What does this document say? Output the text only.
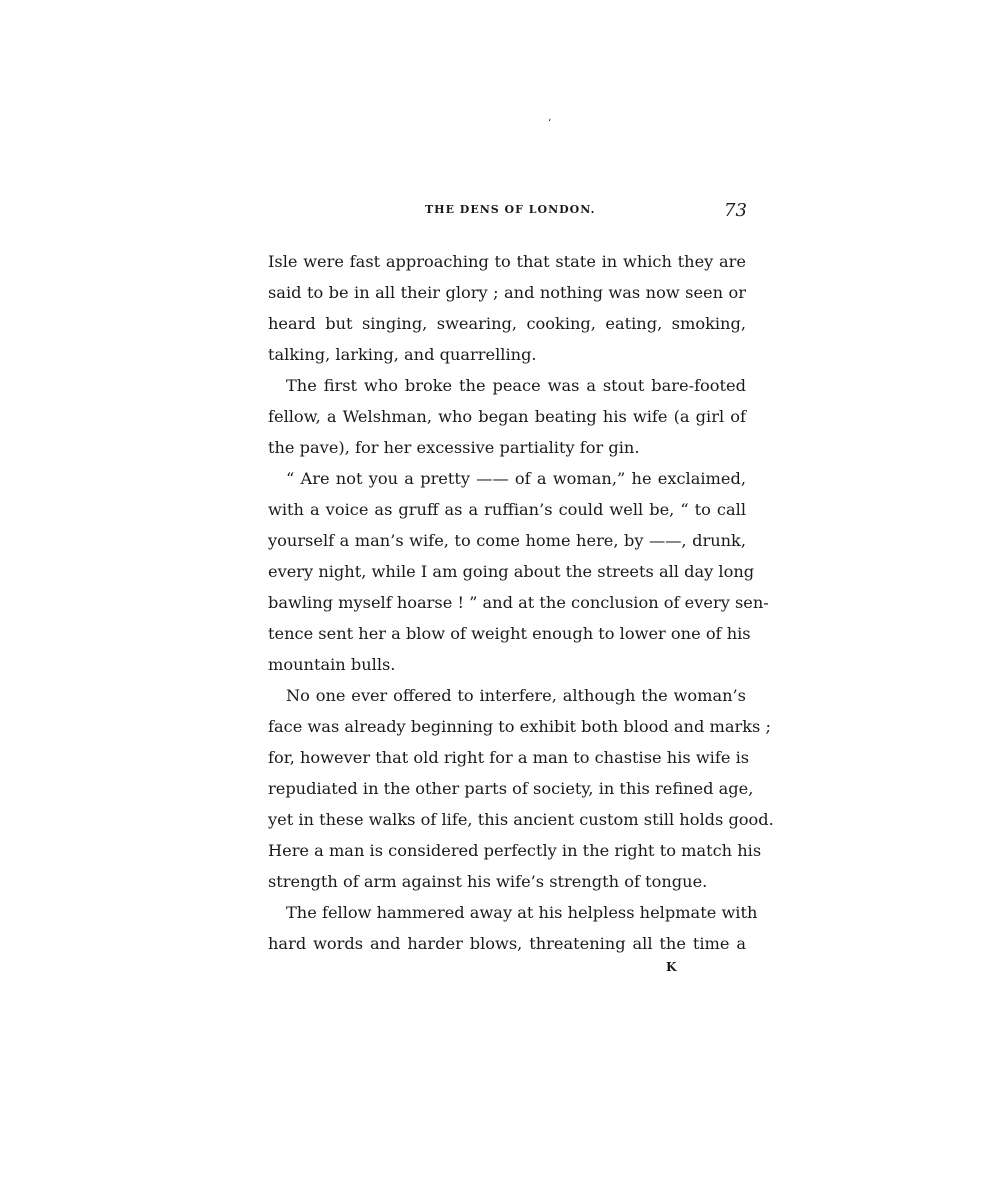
‘
THE DENS OF LONDON.	73
Isle were fast approaching to that state in which they are
said to be in all their glory ; and nothing was now seen or
heard but singing, swearing, cooking, eating, smoking,
talking, larking, and quarrelling.
The first who broke the peace was a stout bare-footed
fellow, a Welshman, who began beating his wife (a girl of
the pave), for her excessive partiality for gin.
“ Are not you a pretty —— of a woman,” he exclaimed,
with a voice as gruff as a ruffian’s could well be, “ to call
yourself a man’s wife, to come home here, by ——, drunk,
every night, while I am going about the streets all day long
bawling myself hoarse ! ” and at the conclusion of every sen-
tence sent her a blow of weight enough to lower one of his
mountain bulls.
No one ever offered to interfere, although the woman’s
face was already beginning to exhibit both blood and marks ;
for, however that old right for a man to chastise his wife is
repudiated in the other parts of society, in this refined age,
yet in these walks of life, this ancient custom still holds good.
Here a man is considered perfectly in the right to match his
strength of arm against his wife’s strength of tongue.
The fellow hammered away at his helpless helpmate with
hard words and harder blows, threatening all the time a
K
